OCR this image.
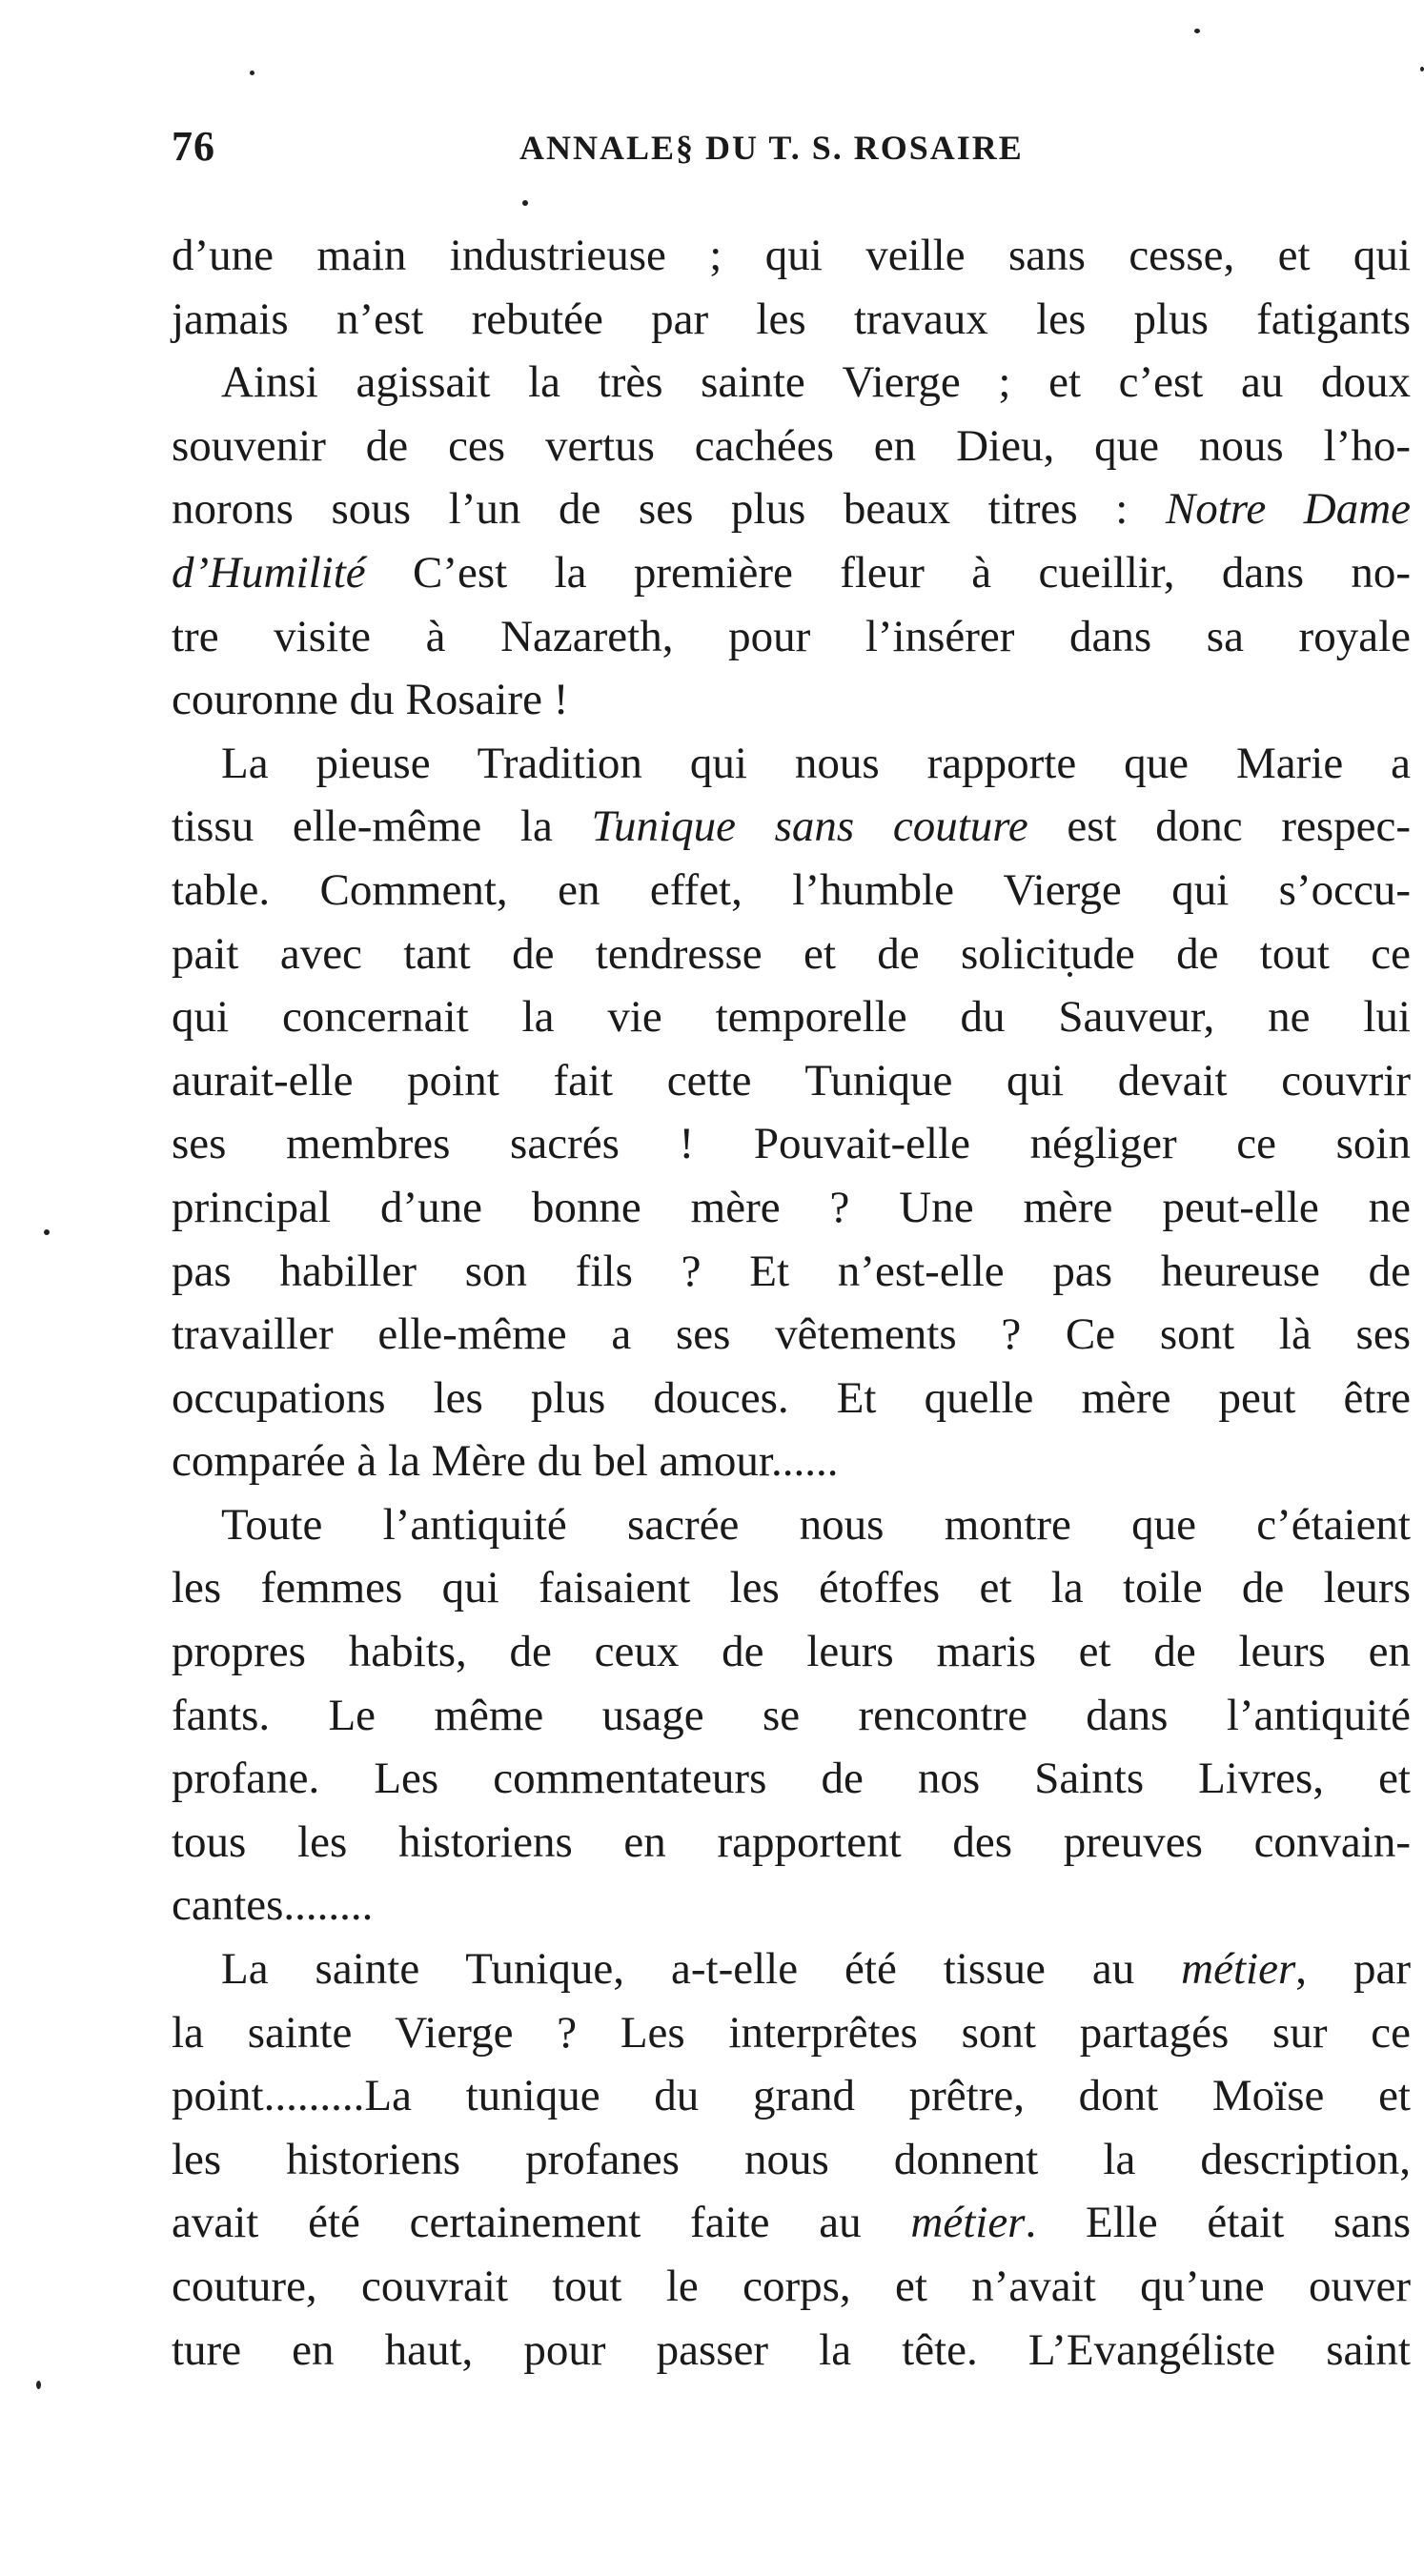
76	ANNALE§ DU T. S. ROSAIRE
d’une main industrieuse ; qui veille sans cesse, et qui
jamais n’est rebutée par les travaux les plus fatigants
Ainsi agissait la très sainte Vierge ; et c’est au doux
souvenir de ces vertus cachées en Dieu, que nous l’ho-
norons sous l’un de ses plus beaux titres : Notre Dame
d’Humilité C’est la première fleur à cueillir, dans no-
tre visite à Nazareth, pour l’insérer dans sa royale
couronne du Rosaire !
La pieuse Tradition qui nous rapporte que Marie a
tissu elle-même la Tunique sans couture est donc respec-
table. Comment, en effet, l’humble Vierge qui s’occu-
pait avec tant de tendresse et de solicitude de tout ce
qui concernait la vie temporelle du Sauveur, ne lui
aurait-elle point fait cette Tunique qui devait couvrir
ses membres sacrés ! Pouvait-elle négliger ce soin
principal d’une bonne mère ? Une mère peut-elle ne
pas habiller son fils ? Et n’est-elle pas heureuse de
travailler elle-même a ses vêtements ? Ce sont là ses
occupations les plus douces. Et quelle mère peut être
comparée à la Mère du bel amour......
Toute l’antiquité sacrée nous montre que c’étaient
les femmes qui faisaient les étoffes et la toile de leurs
propres habits, de ceux de leurs maris et de leurs en
fants. Le même usage se rencontre dans l’antiquité
profane. Les commentateurs de nos Saints Livres, et
tous les historiens en rapportent des preuves convain-
cantes........
La sainte Tunique, a-t-elle été tissue au métier, par
la sainte Vierge ? Les interprêtes sont partagés sur ce
point.........La tunique du grand prêtre, dont Moïse et
les historiens profanes nous donnent la description,
avait été certainement faite au métier. Elle était sans
couture, couvrait tout le corps, et n’avait qu’une ouver
ture en haut, pour passer la tête. L’Evangéliste saint
